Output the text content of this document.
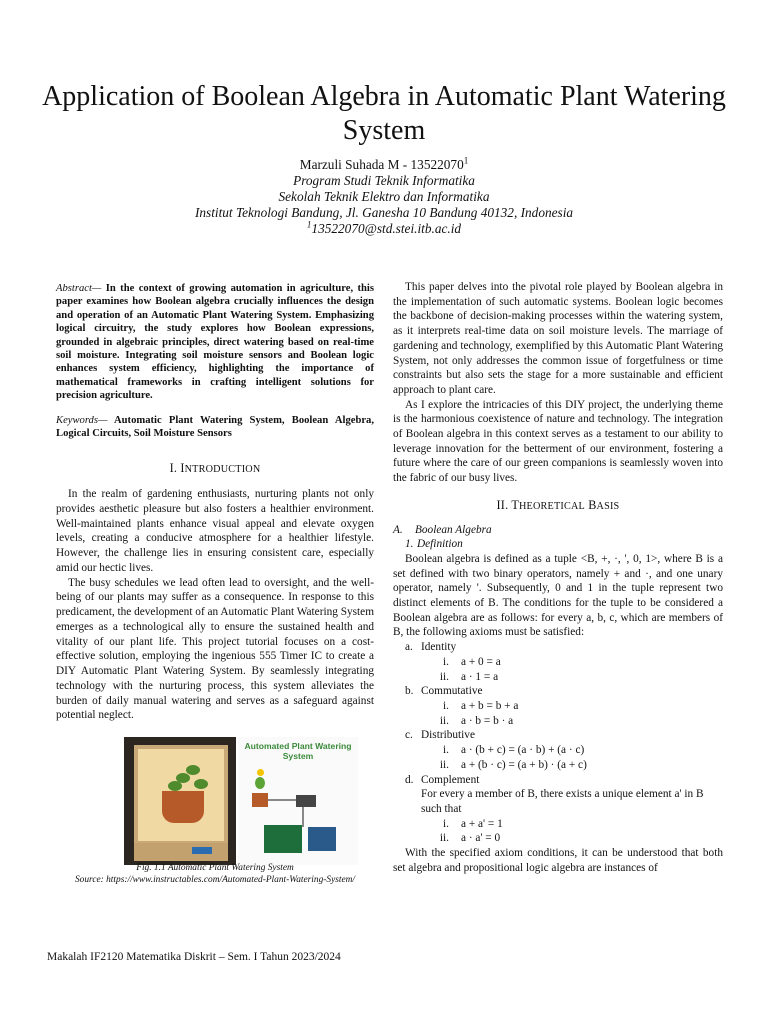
Application of Boolean Algebra in Automatic Plant Watering System
Marzuli Suhada M - 13522070$^1$
Program Studi Teknik Informatika
Sekolah Teknik Elektro dan Informatika
Institut Teknologi Bandung, Jl. Ganesha 10 Bandung 40132, Indonesia
$^1$13522070@std.stei.itb.ac.id
Abstract— In the context of growing automation in agriculture, this paper examines how Boolean algebra crucially influences the design and operation of an Automatic Plant Watering System. Emphasizing logical circuitry, the study explores how Boolean expressions, grounded in algebraic principles, direct watering based on real-time soil moisture. Integrating soil moisture sensors and Boolean logic enhances system efficiency, highlighting the importance of mathematical frameworks in crafting intelligent solutions for precision agriculture.
Keywords— Automatic Plant Watering System, Boolean Algebra, Logical Circuits, Soil Moisture Sensors
I. INTRODUCTION

In the realm of gardening enthusiasts, nurturing plants not only provides aesthetic pleasure but also fosters a healthier environment. Well-maintained plants enhance visual appeal and elevate oxygen levels, creating a conducive atmosphere for a healthier lifestyle. However, the challenge lies in ensuring consistent care, especially amid our hectic lives.

The busy schedules we lead often lead to oversight, and the well-being of our plants may suffer as a consequence. In response to this predicament, the development of an Automatic Plant Watering System emerges as a technological ally to ensure the sustained health and vitality of our plant life. This project tutorial focuses on a cost-effective solution, employing the ingenious 555 Timer IC to create a DIY Automatic Plant Watering System. By seamlessly integrating technology with the nurturing process, this system alleviates the burden of daily manual watering and serves as a safeguard against potential neglect.

Automated Plant Watering System
Fig. 1.1 Automatic Plant Watering System
Source: https://www.instructables.com/Automated-Plant-Watering-System/

This paper delves into the pivotal role played by Boolean algebra in the implementation of such automatic systems. Boolean logic becomes the backbone of decision-making processes within the watering system, as it interprets real-time data on soil moisture levels. The marriage of gardening and technology, exemplified by this Automatic Plant Watering System, not only addresses the common issue of forgetfulness or time constraints but also sets the stage for a more sustainable and efficient approach to plant care.

As I explore the intricacies of this DIY project, the underlying theme is the harmonious coexistence of nature and technology. The integration of Boolean algebra in this context serves as a testament to our ability to leverage innovation for the betterment of our environment, fostering a future where the care of our green companions is seamlessly woven into the fabric of our busy lives.

II. THEORETICAL BASIS
A. Boolean Algebra
1. Definition

Boolean algebra is defined as a tuple <B, +, ·, ', 0, 1>, where B is a set defined with two binary operators, namely + and ·, and one unary operator, namely '. Subsequently, 0 and 1 in the tuple represent two distinct elements of B. The conditions for the tuple to be considered a Boolean algebra are as follows: for every a, b, c, which are members of B, the following axioms must be satisfied:

a. Identity
i. a + 0 = a
ii. a · 1 = a
b. Commutative
i. a + b = b + a
ii. a · b = b · a
c. Distributive
i. a · (b + c) = (a · b) + (a · c)
ii. a + (b · c) = (a + b) · (a + c)
d. Complement
For every a member of B, there exists a unique element a' in B such that
i. a + a' = 1
ii. a · a' = 0

With the specified axiom conditions, it can be understood that both set algebra and propositional logic algebra are instances of

Makalah IF2120 Matematika Diskrit – Sem. I Tahun 2023/2024
